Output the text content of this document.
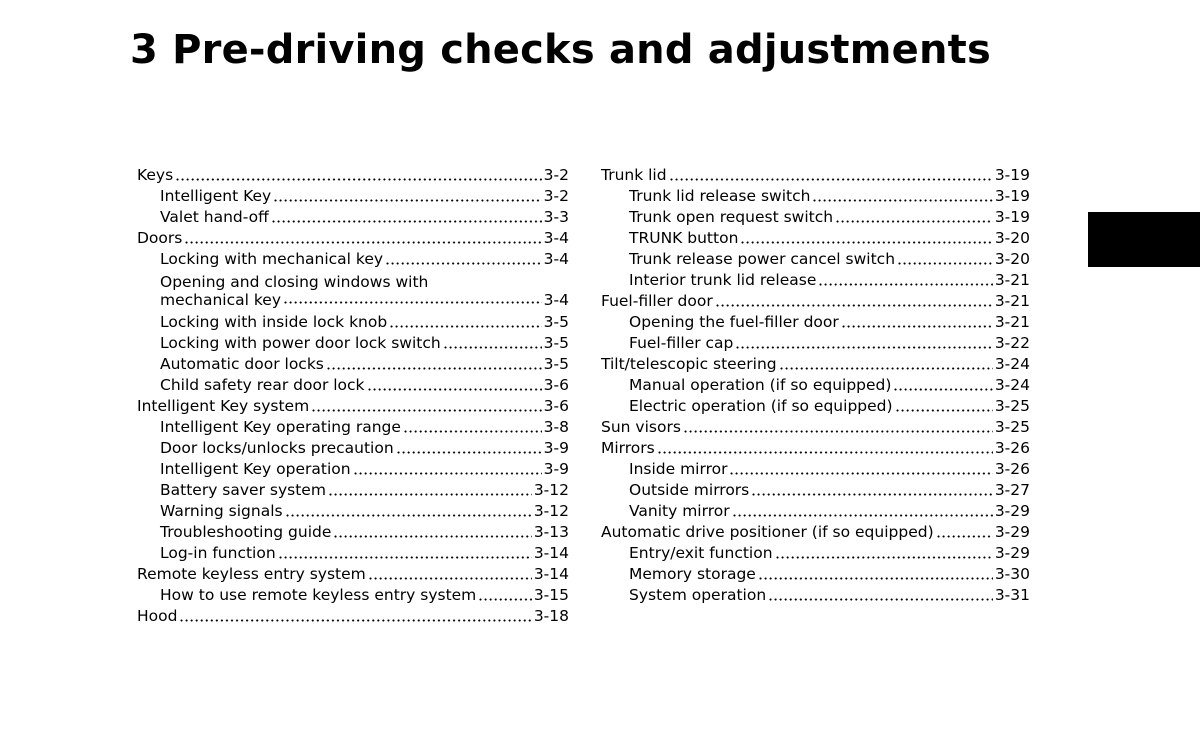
3 Pre-driving checks and adjustments
Keys	3-2
Intelligent Key	3-2
Valet hand-off	3-3
Doors	3-4
Locking with mechanical key	3-4
Opening and closing windows with
mechanical key	3-4
Locking with inside lock knob	3-5
Locking with power door lock switch	3-5
Automatic door locks	3-5
Child safety rear door lock	3-6
Intelligent Key system	3-6
Intelligent Key operating range	3-8
Door locks/unlocks precaution	3-9
Intelligent Key operation	3-9
Battery saver system	3-12
Warning signals	3-12
Troubleshooting guide	3-13
Log-in function	3-14
Remote keyless entry system	3-14
How to use remote keyless entry system	3-15
Hood	3-18
Trunk lid	3-19
Trunk lid release switch	3-19
Trunk open request switch	3-19
TRUNK button	3-20
Trunk release power cancel switch	3-20
Interior trunk lid release	3-21
Fuel-filler door	3-21
Opening the fuel-filler door	3-21
Fuel-filler cap	3-22
Tilt/telescopic steering	3-24
Manual operation (if so equipped)	3-24
Electric operation (if so equipped)	3-25
Sun visors	3-25
Mirrors	3-26
Inside mirror	3-26
Outside mirrors	3-27
Vanity mirror	3-29
Automatic drive positioner (if so equipped)	3-29
Entry/exit function	3-29
Memory storage	3-30
System operation	3-31
